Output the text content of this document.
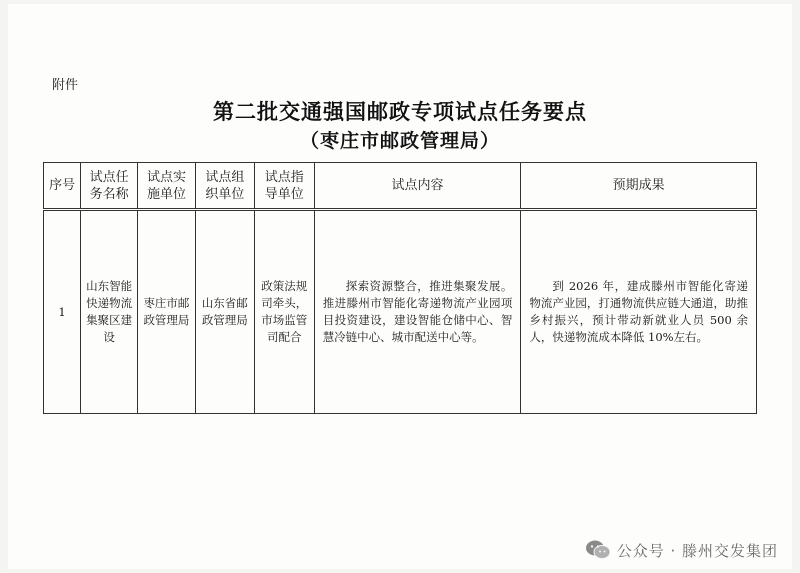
附件
第二批交通强国邮政专项试点任务要点
（枣庄市邮政管理局）
序号	试点任务名称	试点实施单位	试点组织单位	试点指导单位	试点内容	预期成果
1	山东智能快递物流集聚区建设	枣庄市邮政管理局	山东省邮政管理局	政策法规司牵头，市场监管司配合	探索资源整合，推进集聚发展。推进滕州市智能化寄递物流产业园项目投资建设，建设智能仓储中心、智慧冷链中心、城市配送中心等。	到 2026 年，建成滕州市智能化寄递物流产业园，打通物流供应链大通道，助推乡村振兴，预计带动新就业人员 500 余人，快递物流成本降低 10%左右。
公众号 · 滕州交发集团
